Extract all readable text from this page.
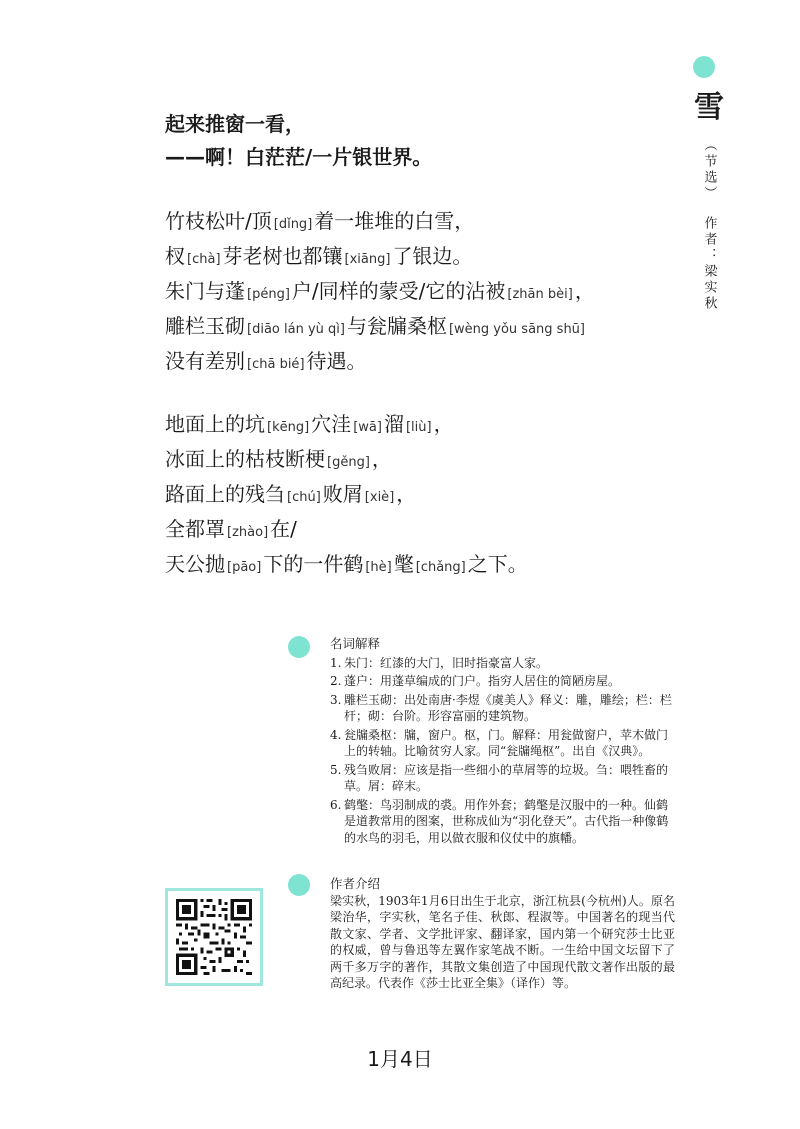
雪
（节选）
作者：梁实秋
起来推窗一看，
——啊！白茫茫/一片银世界。
竹枝松叶/顶 [ dǐng ] 着一堆堆的白雪，
杈[chà ] 芽老树也都镶 [ xiāng ] 了银边。
朱门与蓬 [ péng ] 户/同样的蒙受/它的沾被 [ zhān bèi ] ，
雕栏玉砌 [ diāo lán yù qì ] 与瓮牖桑枢 [ wèng yǒu sāng shū ]
没有差别 [ chā bié ] 待遇。
地面上的坑 [ kēng ] 穴洼 [ wā ] 溜 [ liù ] ，
冰面上的枯枝断梗 [ gěng ] ，
路面上的残刍 [ chú ] 败屑 [ xiè ] ，
全都罩 [ zhào ] 在/
天公抛 [ pāo ] 下的一件鹤 [ hè ] 氅 [ chǎng ] 之下。
名词解释
1. 朱门：红漆的大门，旧时指豪富人家。
2. 蓬户：用蓬草编成的门户。指穷人居住的简陋房屋。
3. 雕栏玉砌：出处南唐·李煜《虞美人》释义：雕，雕绘；栏：栏杆；砌：台阶。形容富丽的建筑物。
4. 瓮牖桑枢：牖，窗户。枢，门。解释：用瓮做窗户，苹木做门上的转轴。比喻贫穷人家。同“瓮牖绳枢”。出自《汉典》。
5. 残刍败屑：应该是指一些细小的草屑等的垃圾。刍：喂牲畜的草。屑：碎末。
6. 鹤氅：鸟羽制成的裘。用作外套；鹤氅是汉服中的一种。仙鹤是道教常用的图案，世称成仙为“羽化登天”。古代指一种像鹤的水鸟的羽毛，用以做衣服和仪仗中的旗幡。
作者介绍
梁实秋，1903年1月6日出生于北京，浙江杭县(今杭州)人。原名梁治华，字实秋，笔名子佳、秋郎、程淑等。中国著名的现当代散文家、学者、文学批评家、翻译家，国内第一个研究莎士比亚的权威，曾与鲁迅等左翼作家笔战不断。一生给中国文坛留下了两千多万字的著作，其散文集创造了中国现代散文著作出版的最高纪录。代表作《莎士比亚全集》（译作）等。
1月4日
